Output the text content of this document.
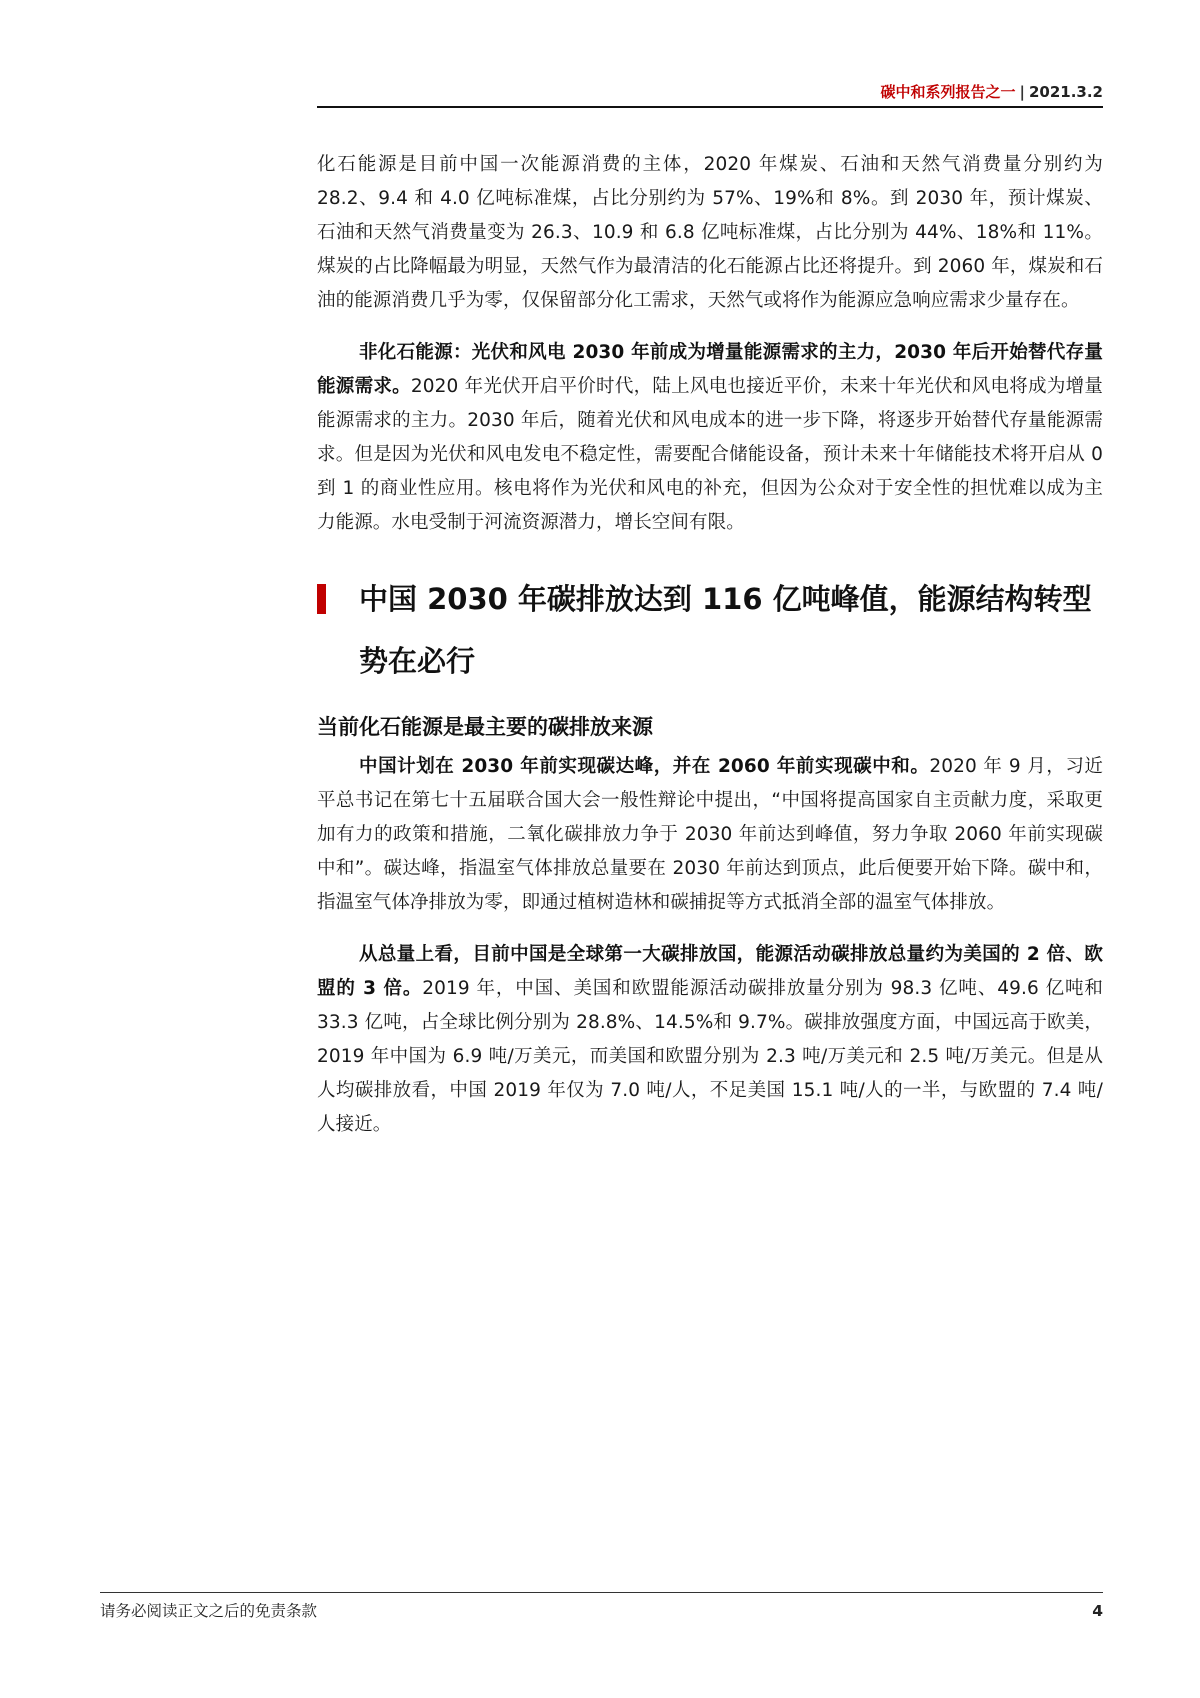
碳中和系列报告之一 | 2021.3.2

化石能源是目前中国一次能源消费的主体，2020 年煤炭、石油和天然气消费量分别约为 28.2、9.4 和 4.0 亿吨标准煤，占比分别约为 57%、19%和 8%。到 2030 年，预计煤炭、石油和天然气消费量变为 26.3、10.9 和 6.8 亿吨标准煤，占比分别为 44%、18%和 11%。煤炭的占比降幅最为明显，天然气作为最清洁的化石能源占比还将提升。到 2060 年，煤炭和石油的能源消费几乎为零，仅保留部分化工需求，天然气或将作为能源应急响应需求少量存在。

非化石能源：光伏和风电 2030 年前成为增量能源需求的主力，2030 年后开始替代存量能源需求。2020 年光伏开启平价时代，陆上风电也接近平价，未来十年光伏和风电将成为增量能源需求的主力。2030 年后，随着光伏和风电成本的进一步下降，将逐步开始替代存量能源需求。但是因为光伏和风电发电不稳定性，需要配合储能设备，预计未来十年储能技术将开启从 0 到 1 的商业性应用。核电将作为光伏和风电的补充，但因为公众对于安全性的担忧难以成为主力能源。水电受制于河流资源潜力，增长空间有限。

中国 2030 年碳排放达到 116 亿吨峰值，能源结构转型势在必行
当前化石能源是最主要的碳排放来源

中国计划在 2030 年前实现碳达峰，并在 2060 年前实现碳中和。2020 年 9 月，习近平总书记在第七十五届联合国大会一般性辩论中提出，“中国将提高国家自主贡献力度，采取更加有力的政策和措施，二氧化碳排放力争于 2030 年前达到峰值，努力争取 2060 年前实现碳中和”。碳达峰，指温室气体排放总量要在 2030 年前达到顶点，此后便要开始下降。碳中和，指温室气体净排放为零，即通过植树造林和碳捕捉等方式抵消全部的温室气体排放。

从总量上看，目前中国是全球第一大碳排放国，能源活动碳排放总量约为美国的 2 倍、欧盟的 3 倍。2019 年，中国、美国和欧盟能源活动碳排放量分别为 98.3 亿吨、49.6 亿吨和 33.3 亿吨，占全球比例分别为 28.8%、14.5%和 9.7%。碳排放强度方面，中国远高于欧美，2019 年中国为 6.9 吨/万美元，而美国和欧盟分别为 2.3 吨/万美元和 2.5 吨/万美元。但是从人均碳排放看，中国 2019 年仅为 7.0 吨/人，不足美国 15.1 吨/人的一半，与欧盟的 7.4 吨/人接近。

请务必阅读正文之后的免责条款	4
